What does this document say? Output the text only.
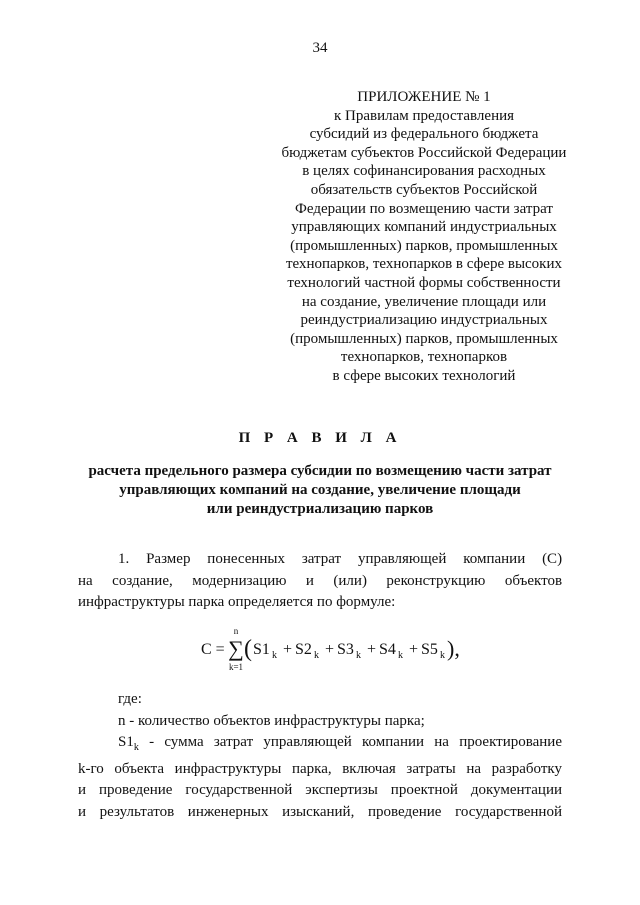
34
ПРИЛОЖЕНИЕ № 1
к Правилам предоставления
субсидий из федерального бюджета
бюджетам субъектов Российской Федерации
в целях софинансирования расходных
обязательств субъектов Российской
Федерации по возмещению части затрат
управляющих компаний индустриальных
(промышленных) парков, промышленных
технопарков, технопарков в сфере высоких
технологий частной формы собственности
на создание, увеличение площади или
реиндустриализацию индустриальных
(промышленных) парков, промышленных
технопарков, технопарков
в сфере высоких технологий
П Р А В И Л А
расчета предельного размера субсидии по возмещению части затрат
управляющих компаний на создание, увеличение площади
или реиндустриализацию парков
1. Размер понесенных затрат управляющей компании (С)
на создание, модернизацию и (или) реконструкцию объектов
инфраструктуры парка определяется по формуле:
С =
n
∑
k=1
( S1 k + S2 k + S3 k + S4 k + S5 k ),
где:
n - количество объектов инфраструктуры парка;
$S1_k$ - сумма затрат управляющей компании на проектирование
k-го объекта инфраструктуры парка, включая затраты на разработку
и проведение государственной экспертизы проектной документации
и результатов инженерных изысканий, проведение государственной
